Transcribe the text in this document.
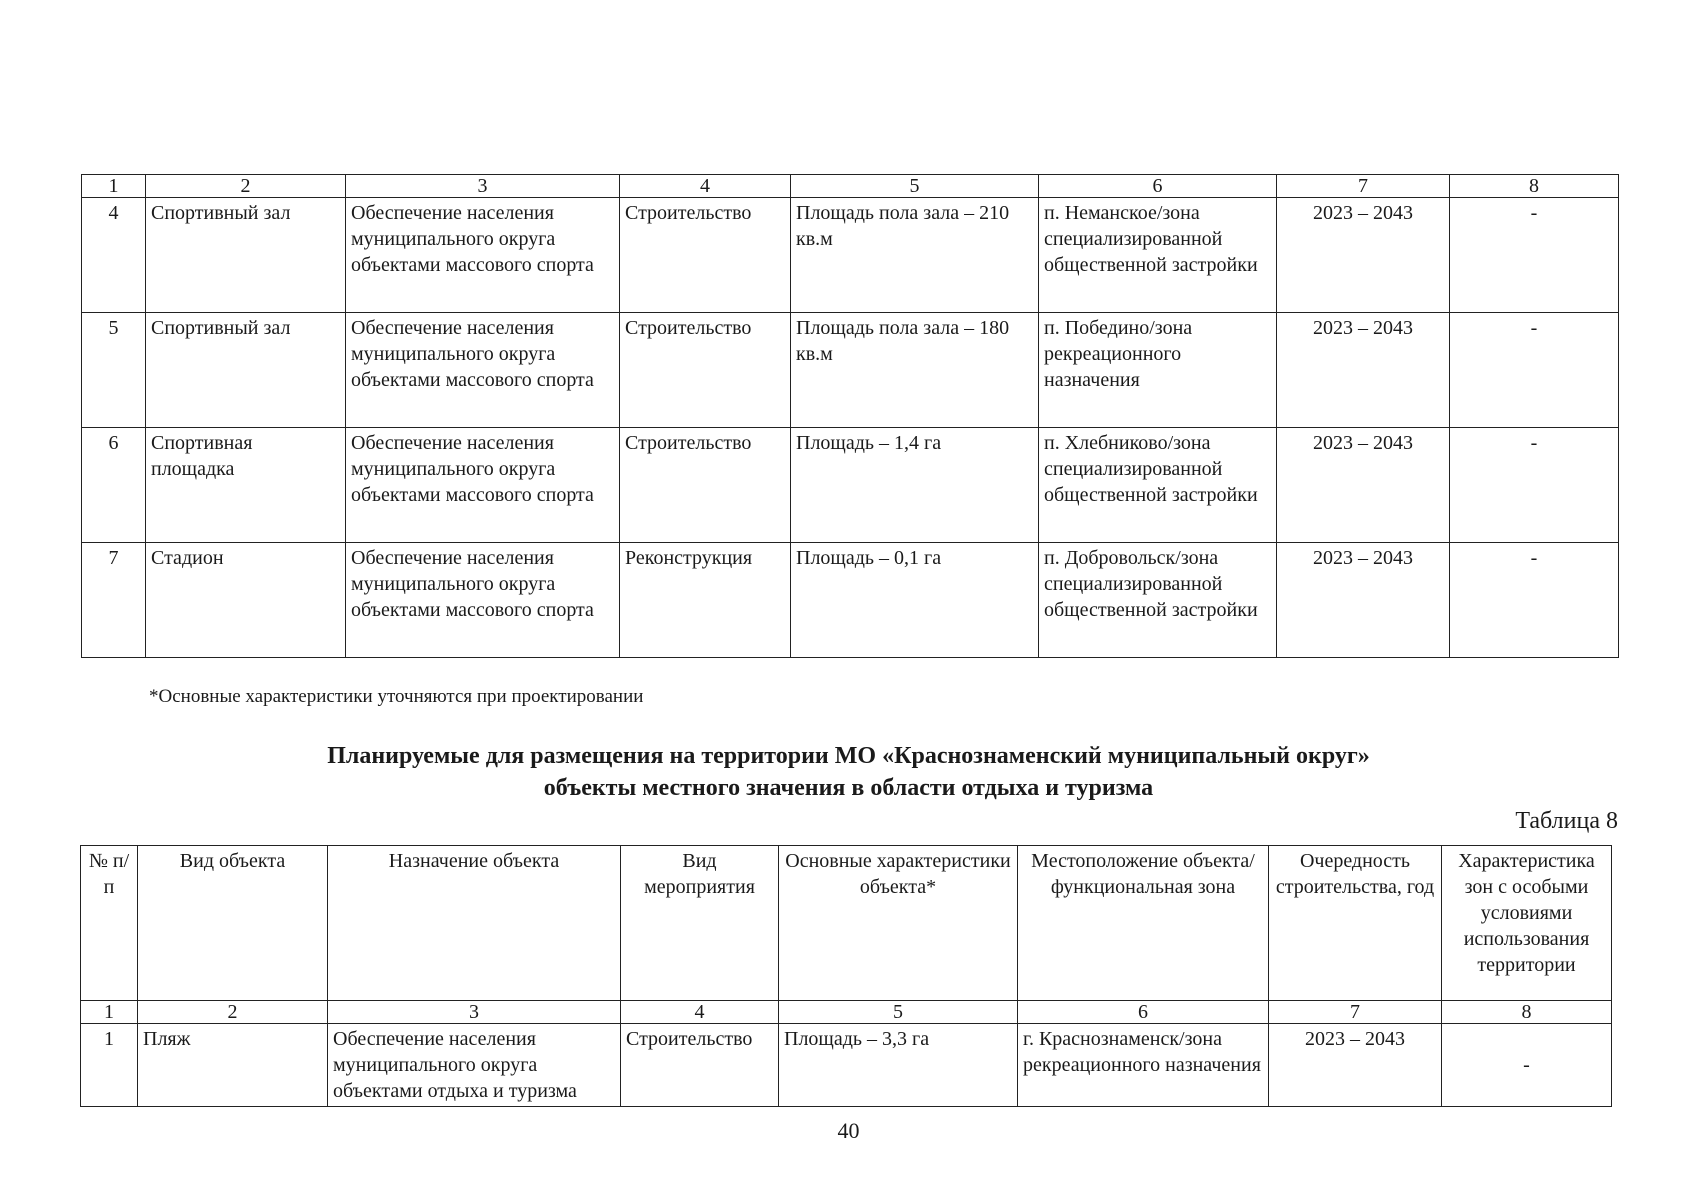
1	2	3	4	5	6	7	8
4	Спортивный зал	Обеспечение населения муниципального округа объектами массового спорта	Строительство	Площадь пола зала – 210 кв.м	п. Неманское/зона специализированной общественной застройки	2023 – 2043	-
5	Спортивный зал	Обеспечение населения муниципального округа объектами массового спорта	Строительство	Площадь пола зала – 180 кв.м	п. Победино/зона рекреационного назначения	2023 – 2043	-
6	Спортивная площадка	Обеспечение населения муниципального округа объектами массового спорта	Строительство	Площадь – 1,4 га	п. Хлебниково/зона специализированной общественной застройки	2023 – 2043	-
7	Стадион	Обеспечение населения муниципального округа объектами массового спорта	Реконструкция	Площадь – 0,1 га	п. Добровольск/зона специализированной общественной застройки	2023 – 2043	-
*Основные характеристики уточняются при проектировании
Планируемые для размещения на территории МО «Краснознаменский муниципальный округ»
объекты местного значения в области отдыха и туризма
Таблица 8
№ п/п	Вид объекта	Назначение объекта	Вид мероприятия	Основные характеристики объекта*	Местоположение объекта/ функциональная зона	Очередность строительства, год	Характеристика зон с особыми условиями использования территории
1	2	3	4	5	6	7	8
1	Пляж	Обеспечение населения муниципального округа объектами отдыха и туризма	Строительство	Площадь – 3,3 га	г. Краснознаменск/зона рекреационного назначения	2023 – 2043	-
40
